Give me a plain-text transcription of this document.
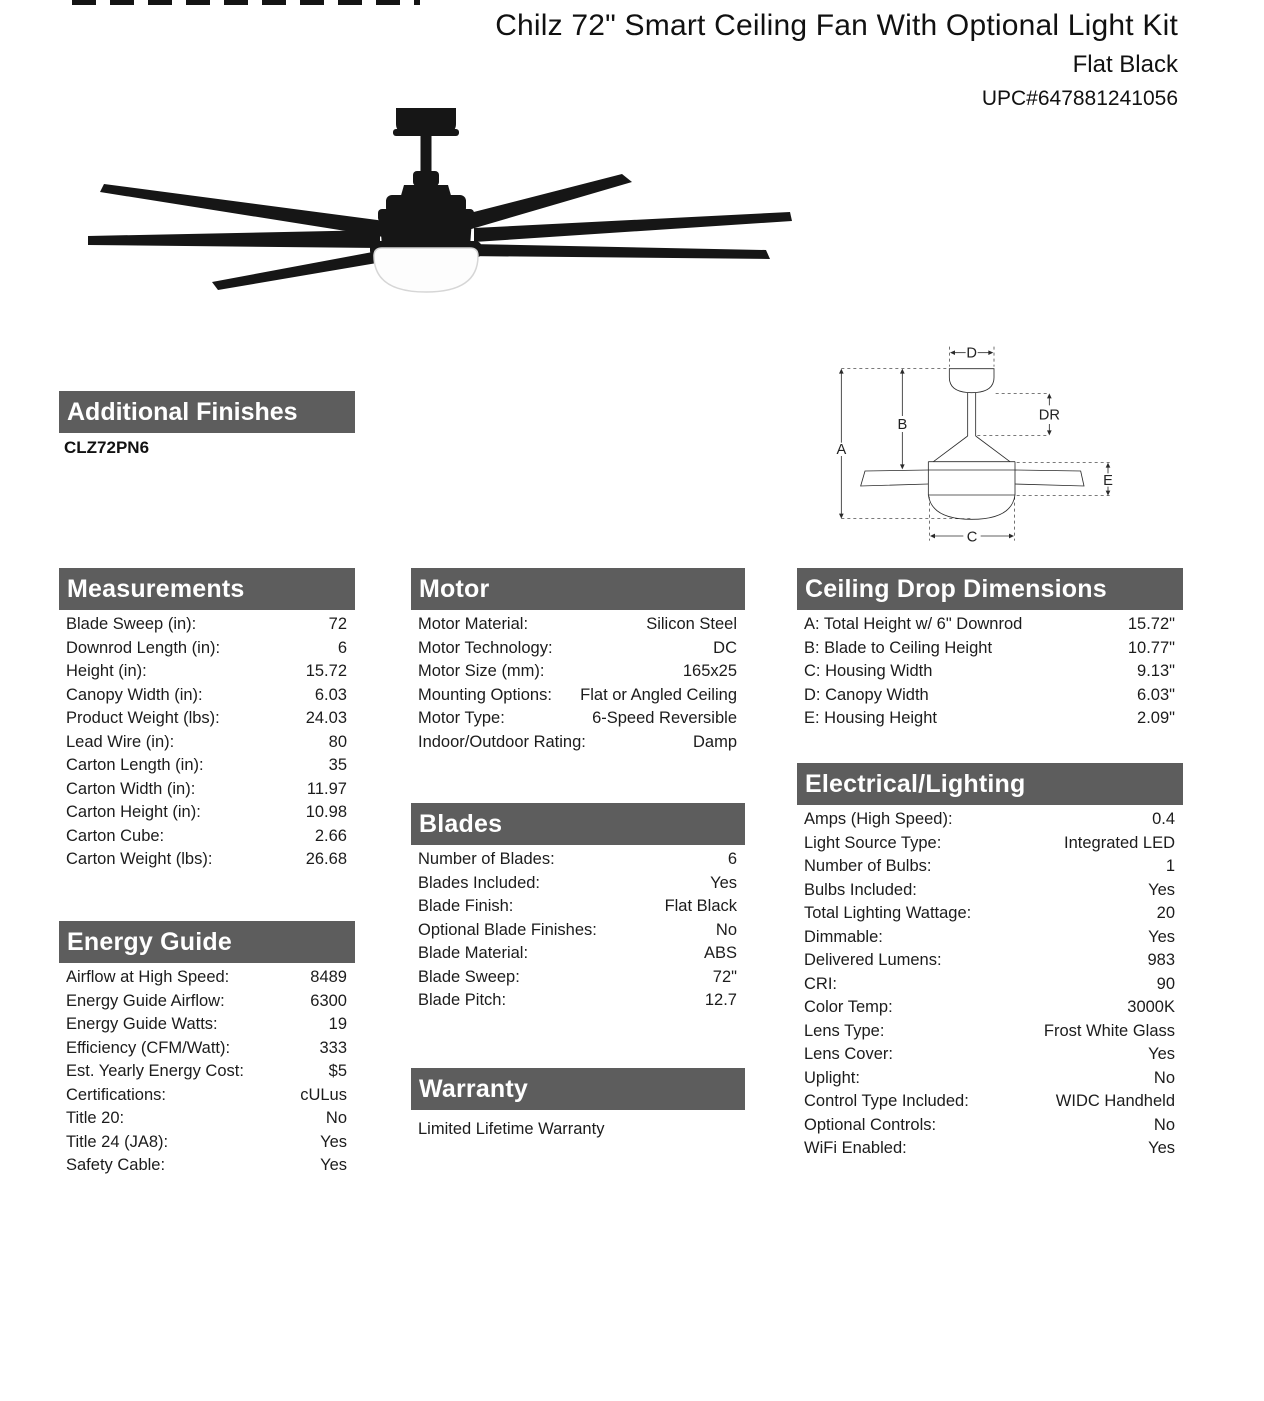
Chilz 72" Smart Ceiling Fan With Optional Light Kit
Flat Black
UPC#647881241056
Additional Finishes
CLZ72PN6
D
A
B
DR
E
C
Measurements
Blade Sweep (in):	72
Downrod Length (in):	6
Height (in):	15.72
Canopy Width (in):	6.03
Product Weight (lbs):	24.03
Lead Wire (in):	80
Carton Length (in):	35
Carton Width (in):	11.97
Carton Height (in):	10.98
Carton Cube:	2.66
Carton Weight (lbs):	26.68
Energy Guide
Airflow at High Speed:	8489
Energy Guide Airflow:	6300
Energy Guide Watts:	19
Efficiency (CFM/Watt):	333
Est. Yearly Energy Cost:	$5
Certifications:	cULus
Title 20:	No
Title 24 (JA8):	Yes
Safety Cable:	Yes
Motor
Motor Material:	Silicon Steel
Motor Technology:	DC
Motor Size (mm):	165x25
Mounting Options: Flat or Angled Ceiling
Motor Type:	6-Speed Reversible
Indoor/Outdoor Rating:	Damp
Blades
Number of Blades:	6
Blades Included:	Yes
Blade Finish:	Flat Black
Optional Blade Finishes:	No
Blade Material:	ABS
Blade Sweep:	72"
Blade Pitch:	12.7
Warranty
Limited Lifetime Warranty
Ceiling Drop Dimensions
A: Total Height w/ 6" Downrod	15.72"
B: Blade to Ceiling Height	10.77"
C: Housing Width	9.13"
D: Canopy Width	6.03"
E: Housing Height	2.09"
Electrical/Lighting
Amps (High Speed):	0.4
Light Source Type:	Integrated LED
Number of Bulbs:	1
Bulbs Included:	Yes
Total Lighting Wattage:	20
Dimmable:	Yes
Delivered Lumens:	983
CRI:	90
Color Temp:	3000K
Lens Type:	Frost White Glass
Lens Cover:	Yes
Uplight:	No
Control Type Included:	WIDC Handheld
Optional Controls:	No
WiFi Enabled:	Yes
